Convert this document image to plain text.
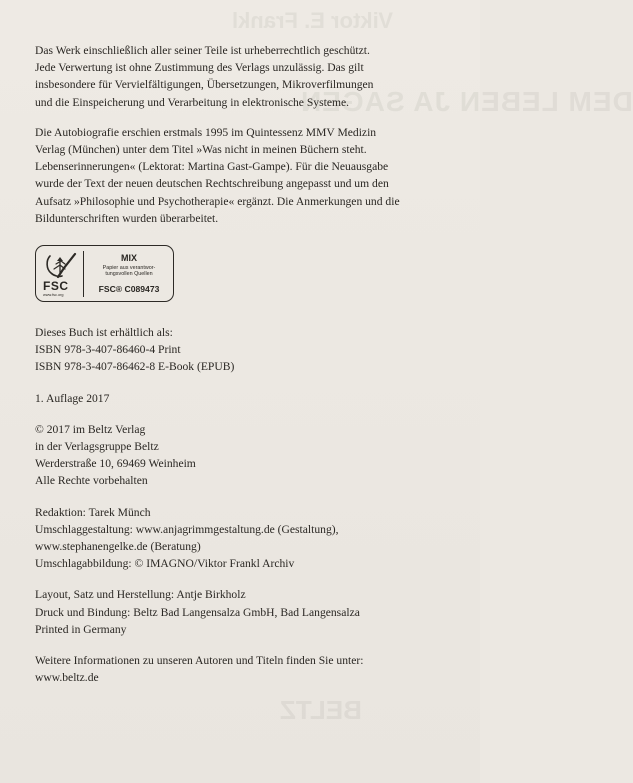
Viktor E. Frankl
DEM LEBEN JA SAGEN
BELTZ

Das Werk einschließlich aller seiner Teile ist urheberrechtlich geschützt.
Jede Verwertung ist ohne Zustimmung des Verlags unzulässig. Das gilt
insbesondere für Vervielfältigungen, Übersetzungen, Mikroverfilmungen
und die Einspeicherung und Verarbeitung in elektronische Systeme.

Die Autobiografie erschien erstmals 1995 im Quintessenz MMV Medizin
Verlag (München) unter dem Titel »Was nicht in meinen Büchern steht.
Lebenserinnerungen« (Lektorat: Martina Gast-Gampe). Für die Neuausgabe
wurde der Text der neuen deutschen Rechtschreibung angepasst und um den
Aufsatz »Philosophie und Psychotherapie« ergänzt. Die Anmerkungen und die
Bildunterschriften wurden überarbeitet.

FSC
www.fsc.org
MIX
Papier aus verantwor-
tungsvollen Quellen
FSC® C089473

Dieses Buch ist erhältlich als:
ISBN 978-3-407-86460-4 Print
ISBN 978-3-407-86462-8 E-Book (EPUB)

1. Auflage 2017

© 2017 im Beltz Verlag
in der Verlagsgruppe Beltz
Werderstraße 10, 69469 Weinheim
Alle Rechte vorbehalten

Redaktion: Tarek Münch
Umschlaggestaltung: www.anjagrimmgestaltung.de (Gestaltung),
www.stephanengelke.de (Beratung)
Umschlagabbildung: © IMAGNO/Viktor Frankl Archiv

Layout, Satz und Herstellung: Antje Birkholz
Druck und Bindung: Beltz Bad Langensalza GmbH, Bad Langensalza
Printed in Germany

Weitere Informationen zu unseren Autoren und Titeln finden Sie unter:
www.beltz.de
